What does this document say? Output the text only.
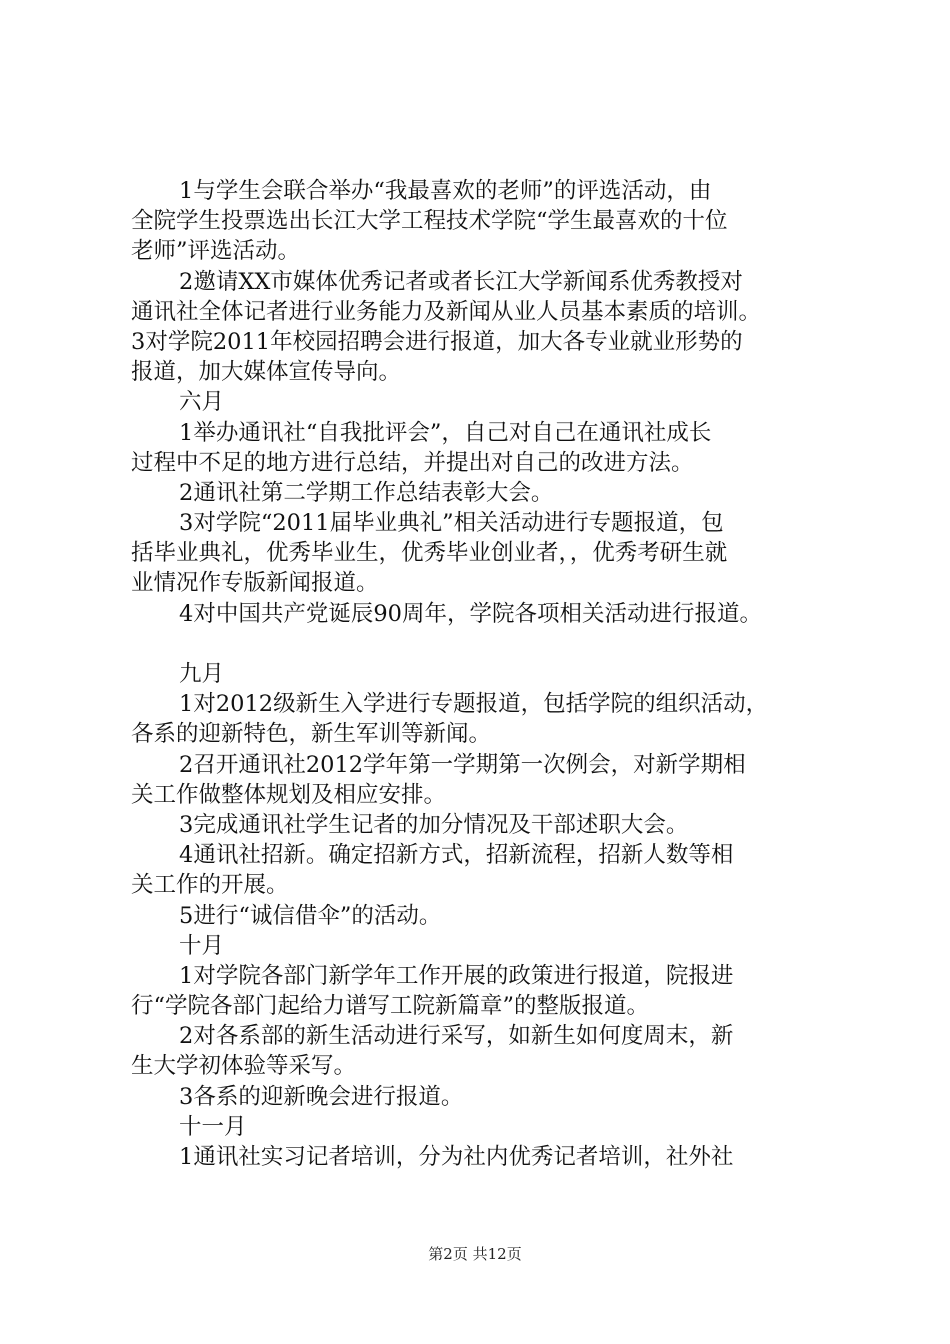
1与学生会联合举办“我最喜欢的老师”的评选活动，由
全院学生投票选出长江大学工程技术学院“学生最喜欢的十位
老师”评选活动。
2邀请XX市媒体优秀记者或者长江大学新闻系优秀教授对
通讯社全体记者进行业务能力及新闻从业人员基本素质的培训。
3对学院2011年校园招聘会进行报道，加大各专业就业形势的
报道，加大媒体宣传导向。
六月
1举办通讯社“自我批评会”，自己对自己在通讯社成长
过程中不足的地方进行总结，并提出对自己的改进方法。
2通讯社第二学期工作总结表彰大会。
3对学院“2011届毕业典礼”相关活动进行专题报道，包
括毕业典礼，优秀毕业生，优秀毕业创业者，，优秀考研生就
业情况作专版新闻报道。
4对中国共产党诞辰90周年，学院各项相关活动进行报道。
九月
1对2012级新生入学进行专题报道，包括学院的组织活动，
各系的迎新特色，新生军训等新闻。
2召开通讯社2012学年第一学期第一次例会，对新学期相
关工作做整体规划及相应安排。
3完成通讯社学生记者的加分情况及干部述职大会。
4通讯社招新。确定招新方式，招新流程，招新人数等相
关工作的开展。
5进行“诚信借伞”的活动。
十月
1对学院各部门新学年工作开展的政策进行报道，院报进
行“学院各部门起给力谱写工院新篇章”的整版报道。
2对各系部的新生活动进行采写，如新生如何度周末，新
生大学初体验等采写。
3各系的迎新晚会进行报道。
十一月
1通讯社实习记者培训，分为社内优秀记者培训，社外社
第2页 共12页
